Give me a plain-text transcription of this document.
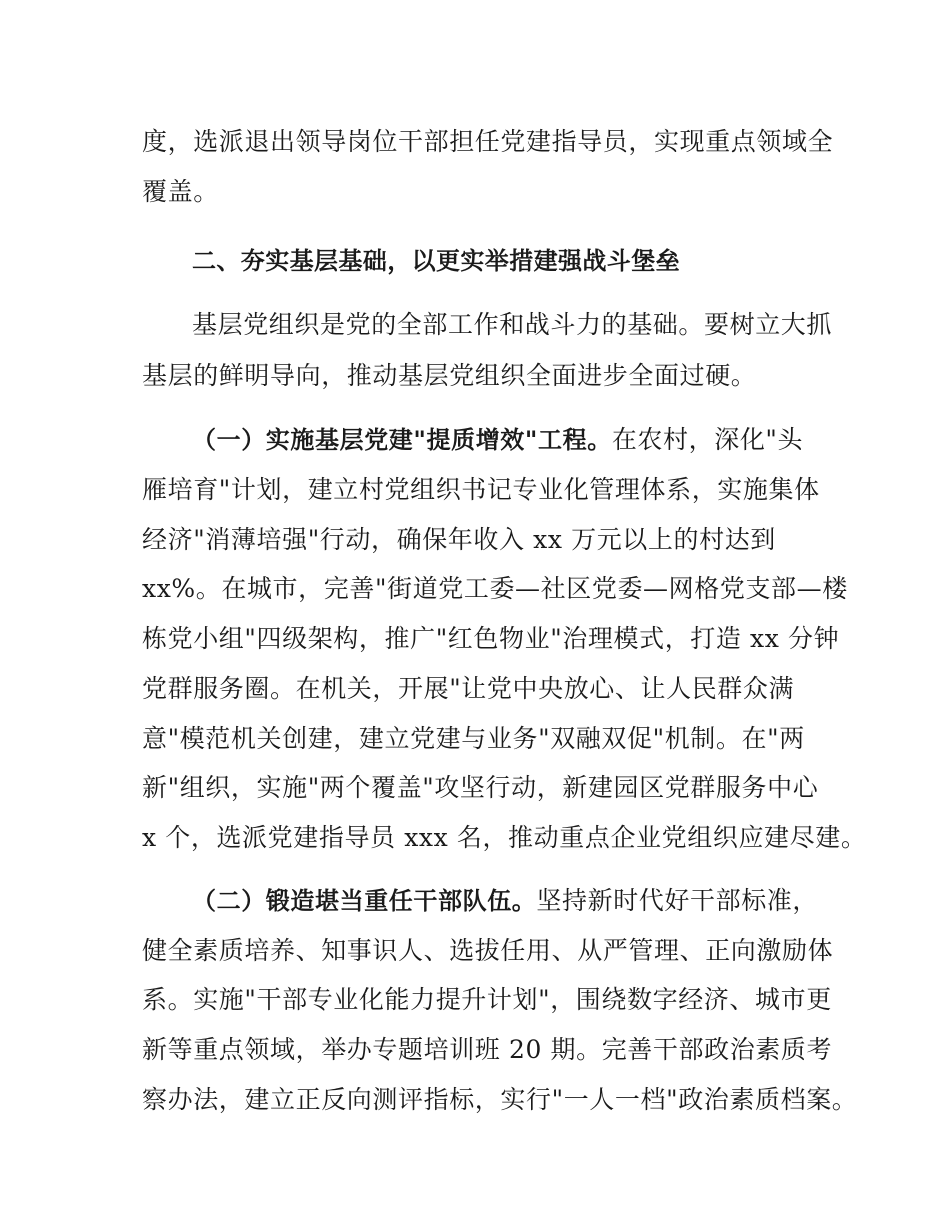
度，选派退出领导岗位干部担任党建指导员，实现重点领域全
覆盖。
二、夯实基层基础，以更实举措建强战斗堡垒
基层党组织是党的全部工作和战斗力的基础。要树立大抓
基层的鲜明导向，推动基层党组织全面进步全面过硬。
（一）实施基层党建"提质增效"工程。在农村，深化"头
雁培育"计划，建立村党组织书记专业化管理体系，实施集体
经济"消薄培强"行动，确保年收入 xx 万元以上的村达到
xx%。在城市，完善"街道党工委—社区党委—网格党支部—楼
栋党小组"四级架构，推广"红色物业"治理模式，打造 xx 分钟
党群服务圈。在机关，开展"让党中央放心、让人民群众满
意"模范机关创建，建立党建与业务"双融双促"机制。在"两
新"组织，实施"两个覆盖"攻坚行动，新建园区党群服务中心
x 个，选派党建指导员 xxx 名，推动重点企业党组织应建尽建。
（二）锻造堪当重任干部队伍。坚持新时代好干部标准，
健全素质培养、知事识人、选拔任用、从严管理、正向激励体
系。实施"干部专业化能力提升计划"，围绕数字经济、城市更
新等重点领域，举办专题培训班 20 期。完善干部政治素质考
察办法，建立正反向测评指标，实行"一人一档"政治素质档案。
